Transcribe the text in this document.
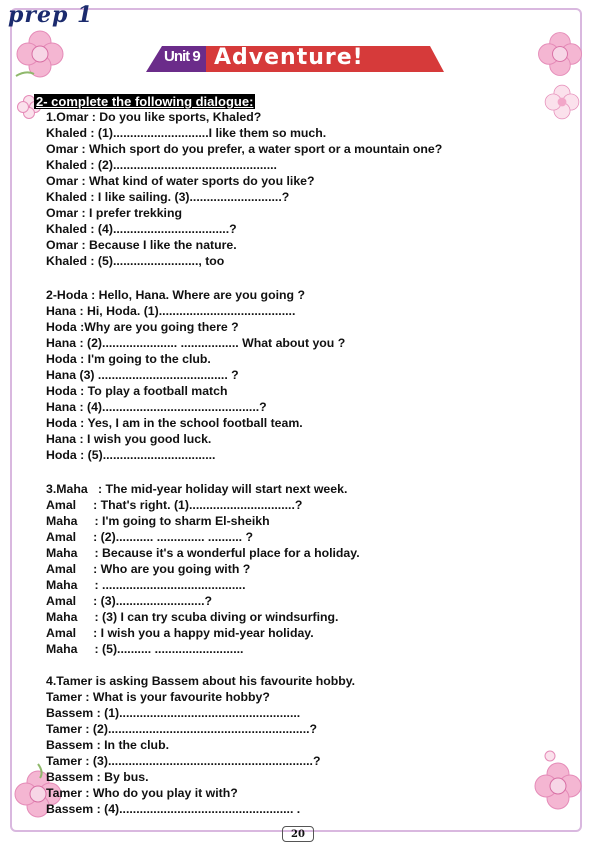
prep 1
Unit 9 Adventure!
2- complete the following dialogue:
1.Omar : Do you like sports, Khaled?
Khaled : (1)............................I like them so much.
Omar : Which sport do you prefer, a water sport or a mountain one?
Khaled : (2)................................................
Omar : What kind of water sports do you like?
Khaled : I like sailing. (3)...........................?
Omar : I prefer trekking
Khaled : (4)..................................?
Omar : Because I like the nature.
Khaled : (5)........................., too
2-Hoda : Hello, Hana. Where are you going ?
Hana : Hi, Hoda. (1)........................................
Hoda :Why are you going there ?
Hana : (2)...................... ................. What about you ?
Hoda : I'm going to the club.
Hana (3) ...................................... ?
Hoda : To play a football match
Hana : (4)..............................................?
Hoda : Yes, I am in the school football team.
Hana : I wish you good luck.
Hoda : (5).................................
3.Maha   : The mid-year holiday will start next week.
Amal     : That's right. (1)...............................?
Maha     : I'm going to sharm El-sheikh
Amal     : (2)........... .............. .......... ?
Maha     : Because it's a wonderful place for a holiday.
Amal     : Who are you going with ?
Maha     : ..........................................
Amal     : (3)..........................?
Maha     : (3) I can try scuba diving or windsurfing.
Amal     : I wish you a happy mid-year holiday.
Maha     : (5).......... ..........................
4.Tamer is asking Bassem about his favourite hobby.
Tamer : What is your favourite hobby?
Bassem : (1).....................................................
Tamer : (2)...........................................................?
Bassem : In the club.
Tamer : (3)............................................................?
Bassem : By bus.
Tamer : Who do you play it with?
Bassem : (4)................................................... .
20
